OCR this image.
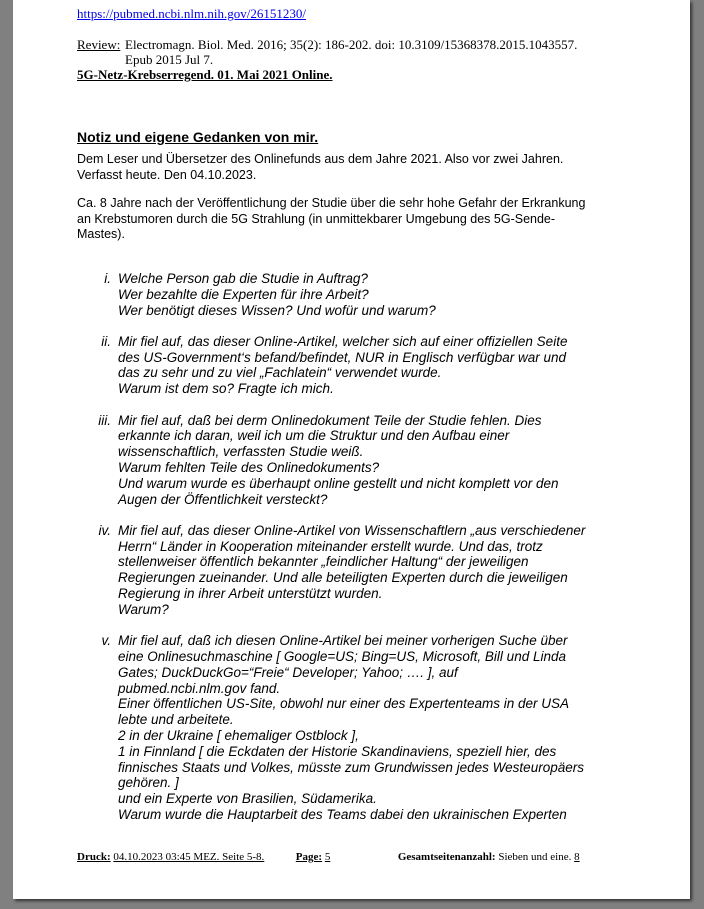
https://pubmed.ncbi.nlm.nih.gov/26151230/
Review: Electromagn. Biol. Med. 2016; 35(2): 186-202. doi: 10.3109/15368378.2015.1043557.
Epub 2015 Jul 7.
5G-Netz-Krebserregend. 01. Mai 2021 Online.
Notiz und eigene Gedanken von mir.
Dem Leser und Übersetzer des Onlinefunds aus dem Jahre 2021. Also vor zwei Jahren.
Verfasst heute. Den 04.10.2023.
Ca. 8 Jahre nach der Veröffentlichung der Studie über die sehr hohe Gefahr der Erkrankung
an Krebstumoren durch die 5G Strahlung (in unmittekbarer Umgebung des 5G-Sende-
Mastes).
i. Welche Person gab die Studie in Auftrag?
Wer bezahlte die Experten für ihre Arbeit?
Wer benötigt dieses Wissen? Und wofür und warum?
ii. Mir fiel auf, das dieser Online-Artikel, welcher sich auf einer offiziellen Seite
des US-Government‘s befand/befindet, NUR in Englisch verfügbar war und
das zu sehr und zu viel „Fachlatein“ verwendet wurde.
Warum ist dem so? Fragte ich mich.
iii. Mir fiel auf, daß bei derm Onlinedokument Teile der Studie fehlen. Dies
erkannte ich daran, weil ich um die Struktur und den Aufbau einer
wissenschaftlich, verfassten Studie weiß.
Warum fehlten Teile des Onlinedokuments?
Und warum wurde es überhaupt online gestellt und nicht komplett vor den
Augen der Öffentlichkeit versteckt?
iv. Mir fiel auf, das dieser Online-Artikel von Wissenschaftlern „aus verschiedener
Herrn“ Länder in Kooperation miteinander erstellt wurde. Und das, trotz
stellenweiser öffentlich bekannter „feindlicher Haltung“ der jeweiligen
Regierungen zueinander. Und alle beteiligten Experten durch die jeweiligen
Regierung in ihrer Arbeit unterstützt wurden.
Warum?
v. Mir fiel auf, daß ich diesen Online-Artikel bei meiner vorherigen Suche über
eine Onlinesuchmaschine [ Google=US; Bing=US, Microsoft, Bill und Linda
Gates; DuckDuckGo=“Freie“ Developer; Yahoo; …. ], auf
pubmed.ncbi.nlm.gov fand.
Einer öffentlichen US-Site, obwohl nur einer des Expertenteams in der USA
lebte und arbeitete.
2 in der Ukraine [ ehemaliger Ostblock ],
1 in Finnland [ die Eckdaten der Historie Skandinaviens, speziell hier, des
finnisches Staats und Volkes, müsste zum Grundwissen jedes Westeuropäers
gehören. ]
und ein Experte von Brasilien, Südamerika.
Warum wurde die Hauptarbeit des Teams dabei den ukrainischen Experten
Druck: 04.10.2023 03:45 MEZ. Seite 5-8.	Page: 5	Gesamtseitenanzahl: Sieben und eine. 8
